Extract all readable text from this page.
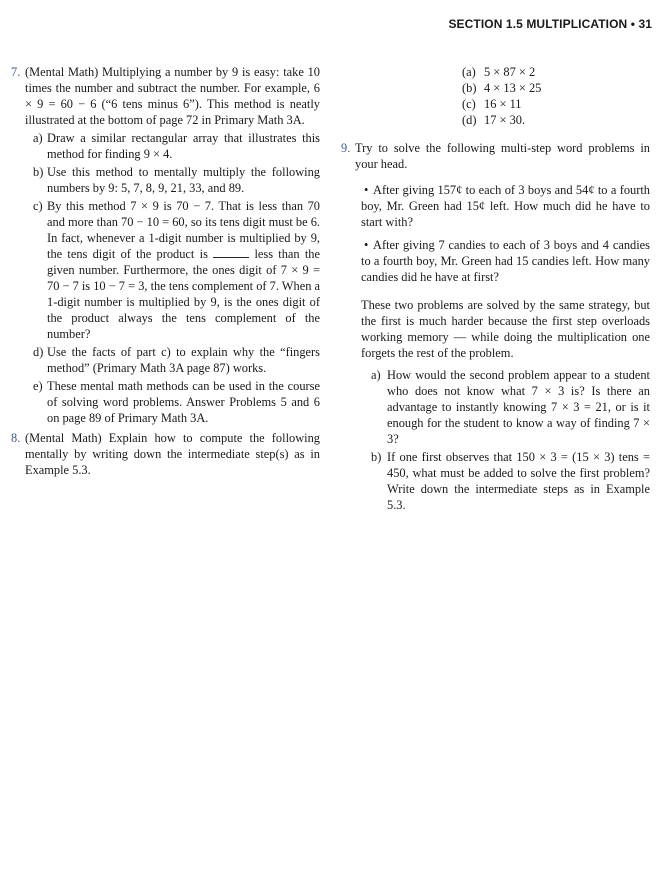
SECTION 1.5 MULTIPLICATION • 31
7. (Mental Math) Multiplying a number by 9 is easy: take 10 times the number and subtract the number. For example, 6 × 9 = 60 − 6 (“6 tens minus 6”). This method is neatly illustrated at the bottom of page 72 in Primary Math 3A.
a) Draw a similar rectangular array that illustrates this method for finding 9 × 4.
b) Use this method to mentally multiply the following numbers by 9: 5, 7, 8, 9, 21, 33, and 89.
c) By this method 7 × 9 is 70 − 7. That is less than 70 and more than 70 − 10 = 60, so its tens digit must be 6. In fact, whenever a 1-digit number is multiplied by 9, the tens digit of the product is	less than the given number. Furthermore, the ones digit of 7 × 9 = 70 − 7 is 10 − 7 = 3, the tens complement of 7. When a 1-digit number is multiplied by 9, is the ones digit of the product always the tens complement of the number?
d) Use the facts of part c) to explain why the “fingers method” (Primary Math 3A page 87) works.
e) These mental math methods can be used in the course of solving word problems. Answer Problems 5 and 6 on page 89 of Primary Math 3A.
8. (Mental Math) Explain how to compute the following mentally by writing down the intermediate step(s) as in Example 5.3.
(a) 5 × 87 × 2
(b) 4 × 13 × 25
(c) 16 × 11
(d) 17 × 30.
9. Try to solve the following multi-step word problems in your head.
• After giving 157¢ to each of 3 boys and 54¢ to a fourth boy, Mr. Green had 15¢ left. How much did he have to start with?
• After giving 7 candies to each of 3 boys and 4 candies to a fourth boy, Mr. Green had 15 candies left. How many candies did he have at first?
These two problems are solved by the same strategy, but the first is much harder because the first step overloads working memory — while doing the multiplication one forgets the rest of the problem.
a) How would the second problem appear to a student who does not know what 7 × 3 is? Is there an advantage to instantly knowing 7 × 3 = 21, or is it enough for the student to know a way of finding 7 × 3?
b) If one first observes that 150 × 3 = (15 × 3) tens = 450, what must be added to solve the first problem? Write down the intermediate steps as in Example 5.3.
